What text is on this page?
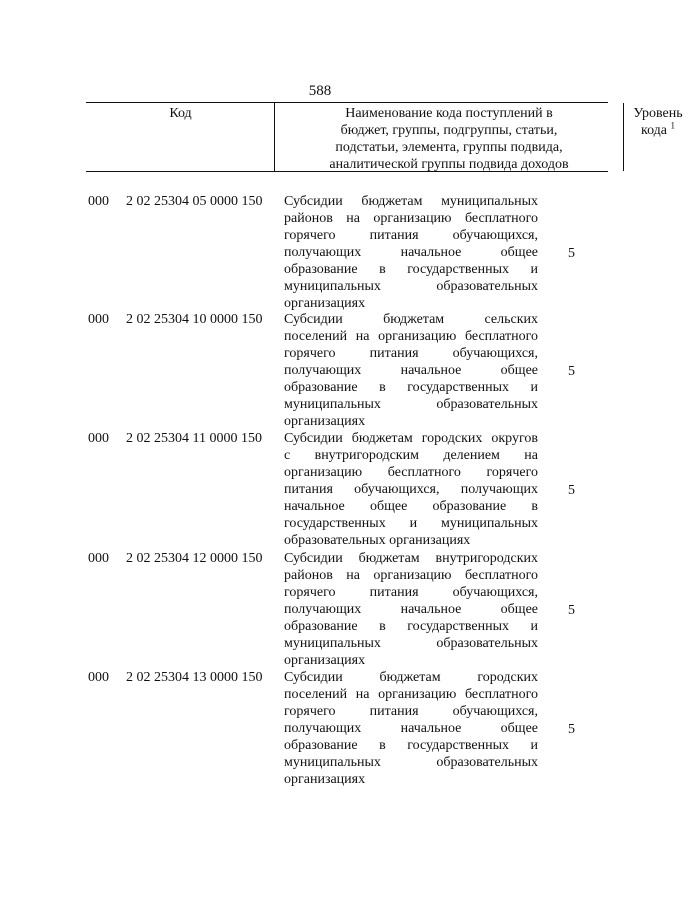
588
Код	Наименование кода поступлений в
бюджет, группы, подгруппы, статьи,
подстатьи, элемента, группы подвида,
аналитической группы подвида доходов
Уровень
кода $^1$
000 2 02 25304 05 0000 150 Субсидии бюджетам муниципальных
районов на организацию бесплатного
горячего питания обучающихся,
получающих начальное общее
образование в государственных и
муниципальных образовательных
организациях
5
000 2 02 25304 10 0000 150 Субсидии бюджетам сельских
поселений на организацию бесплатного
горячего питания обучающихся,
получающих начальное общее
образование в государственных и
муниципальных образовательных
организациях
5
000 2 02 25304 11 0000 150 Субсидии бюджетам городских округов
с внутригородским делением на
организацию бесплатного горячего
питания обучающихся, получающих
начальное общее образование в
государственных и муниципальных
образовательных организациях
5
000 2 02 25304 12 0000 150 Субсидии бюджетам внутригородских
районов на организацию бесплатного
горячего питания обучающихся,
получающих начальное общее
образование в государственных и
муниципальных образовательных
организациях
5
000 2 02 25304 13 0000 150 Субсидии бюджетам городских
поселений на организацию бесплатного
горячего питания обучающихся,
получающих начальное общее
образование в государственных и
муниципальных образовательных
организациях
5
